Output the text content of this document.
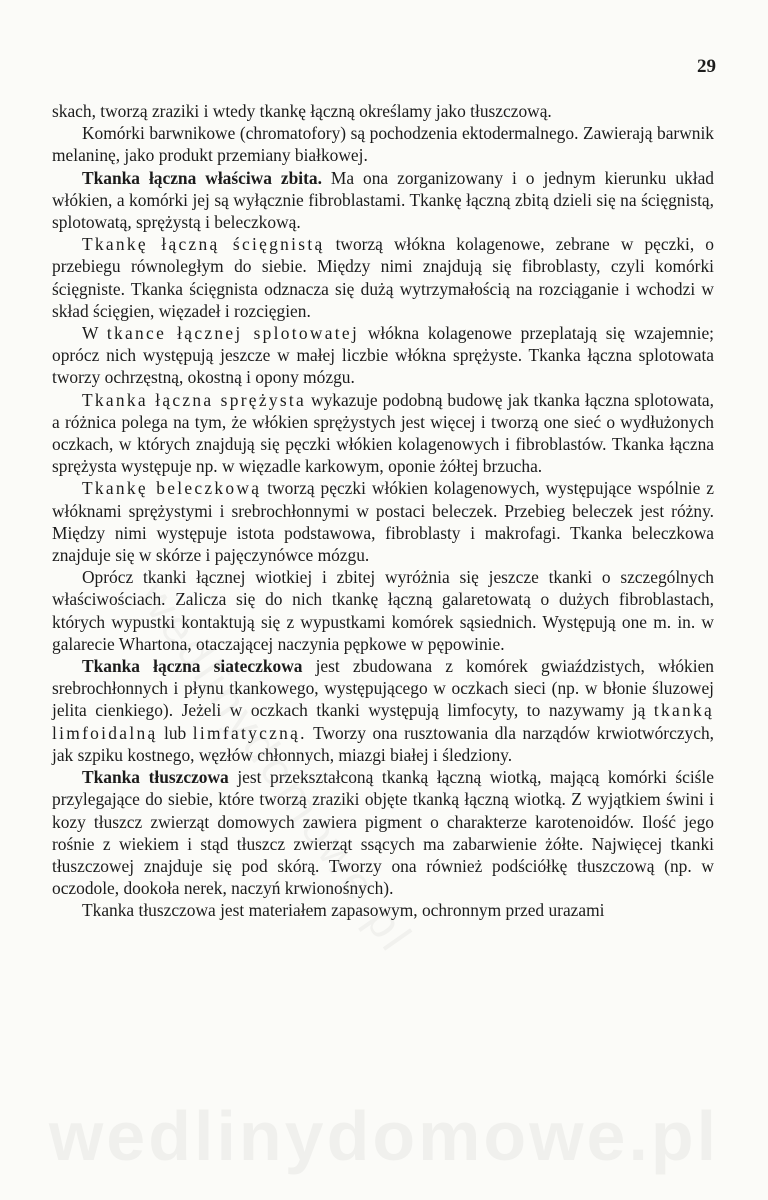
29

skach, tworzą zraziki i wtedy tkankę łączną określamy jako tłuszczową.

Komórki barwnikowe (chromatofory) są pochodzenia ektodermalnego. Zawierają barwnik melaninę, jako produkt przemiany białkowej.

Tkanka łączna właściwa zbita. Ma ona zorganizowany i o jednym kierunku układ włókien, a komórki jej są wyłącznie fibroblastami. Tkankę łączną zbitą dzieli się na ścięgnistą, splotowatą, sprężystą i beleczkową.

Tkankę łączną ścięgnistą tworzą włókna kolagenowe, zebrane w pęczki, o przebiegu równoległym do siebie. Między nimi znajdują się fibroblasty, czyli komórki ścięgniste. Tkanka ścięgnista odznacza się dużą wytrzymałością na rozciąganie i wchodzi w skład ścięgien, więzadeł i rozcięgien.

W tkance łącznej splotowatej włókna kolagenowe przeplatają się wzajemnie; oprócz nich występują jeszcze w małej liczbie włókna sprężyste. Tkanka łączna splotowata tworzy ochrzęstną, okostną i opony mózgu.

Tkanka łączna sprężysta wykazuje podobną budowę jak tkanka łączna splotowata, a różnica polega na tym, że włókien sprężystych jest więcej i tworzą one sieć o wydłużonych oczkach, w których znajdują się pęczki włókien kolagenowych i fibroblastów. Tkanka łączna sprężysta występuje np. w więzadle karkowym, oponie żółtej brzucha.

Tkankę beleczkową tworzą pęczki włókien kolagenowych, występujące wspólnie z włóknami sprężystymi i srebrochłonnymi w postaci beleczek. Przebieg beleczek jest różny. Między nimi występuje istota podstawowa, fibroblasty i makrofagi. Tkanka beleczkowa znajduje się w skórze i pajęczynówce mózgu.

Oprócz tkanki łącznej wiotkiej i zbitej wyróżnia się jeszcze tkanki o szczególnych właściwościach. Zalicza się do nich tkankę łączną galaretowatą o dużych fibroblastach, których wypustki kontaktują się z wypustkami komórek sąsiednich. Występują one m. in. w galarecie Whartona, otaczającej naczynia pępkowe w pępowinie.

Tkanka łączna siateczkowa jest zbudowana z komórek gwiaździstych, włókien srebrochłonnych i płynu tkankowego, występującego w oczkach sieci (np. w błonie śluzowej jelita cienkiego). Jeżeli w oczkach tkanki występują limfocyty, to nazywamy ją tkanką limfoidalną lub limfatyczną. Tworzy ona rusztowania dla narządów krwiotwórczych, jak szpiku kostnego, węzłów chłonnych, miazgi białej i śledziony.

Tkanka tłuszczowa jest przekształconą tkanką łączną wiotką, mającą komórki ściśle przylegające do siebie, które tworzą zraziki objęte tkanką łączną wiotką. Z wyjątkiem świni i kozy tłuszcz zwierząt domowych zawiera pigment o charakterze karotenoidów. Ilość jego rośnie z wiekiem i stąd tłuszcz zwierząt ssących ma zabarwienie żółte. Najwięcej tkanki tłuszczowej znajduje się pod skórą. Tworzy ona również podściółkę tłuszczową (np. w oczodole, dookoła nerek, naczyń krwionośnych).

Tkanka tłuszczowa jest materiałem zapasowym, ochronnym przed urazami
